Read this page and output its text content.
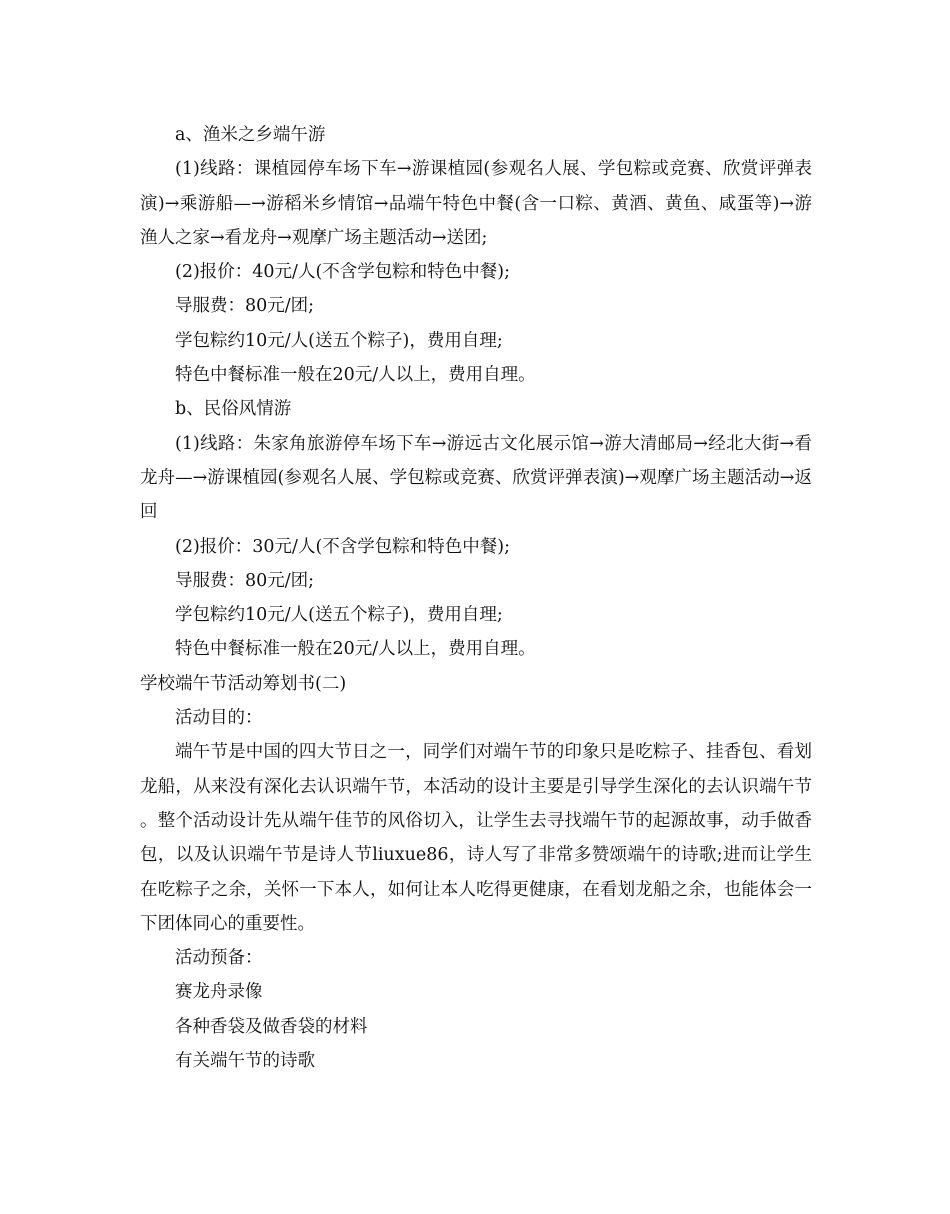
a、渔米之乡端午游

(1)线路：课植园停车场下车→游课植园(参观名人展、学包粽或竞赛、欣赏评弹表演)→乘游船—→游稻米乡情馆→品端午特色中餐(含一口粽、黄酒、黄鱼、咸蛋等)→游渔人之家→看龙舟→观摩广场主题活动→送团;

(2)报价：40元/人(不含学包粽和特色中餐);

导服费：80元/团;

学包粽约10元/人(送五个粽子)，费用自理;

特色中餐标准一般在20元/人以上，费用自理。

b、民俗风情游

(1)线路：朱家角旅游停车场下车→游远古文化展示馆→游大清邮局→经北大街→看龙舟—→游课植园(参观名人展、学包粽或竞赛、欣赏评弹表演)→观摩广场主题活动→返回

(2)报价：30元/人(不含学包粽和特色中餐);

导服费：80元/团;

学包粽约10元/人(送五个粽子)，费用自理;

特色中餐标准一般在20元/人以上，费用自理。

学校端午节活动筹划书(二)

活动目的：

端午节是中国的四大节日之一，同学们对端午节的印象只是吃粽子、挂香包、看划龙船，从来没有深化去认识端午节，本活动的设计主要是引导学生深化的去认识端午节。整个活动设计先从端午佳节的风俗切入，让学生去寻找端午节的起源故事，动手做香包，以及认识端午节是诗人节liuxue86，诗人写了非常多赞颂端午的诗歌;进而让学生在吃粽子之余，关怀一下本人，如何让本人吃得更健康，在看划龙船之余，也能体会一下团体同心的重要性。

活动预备：

赛龙舟录像

各种香袋及做香袋的材料

有关端午节的诗歌
